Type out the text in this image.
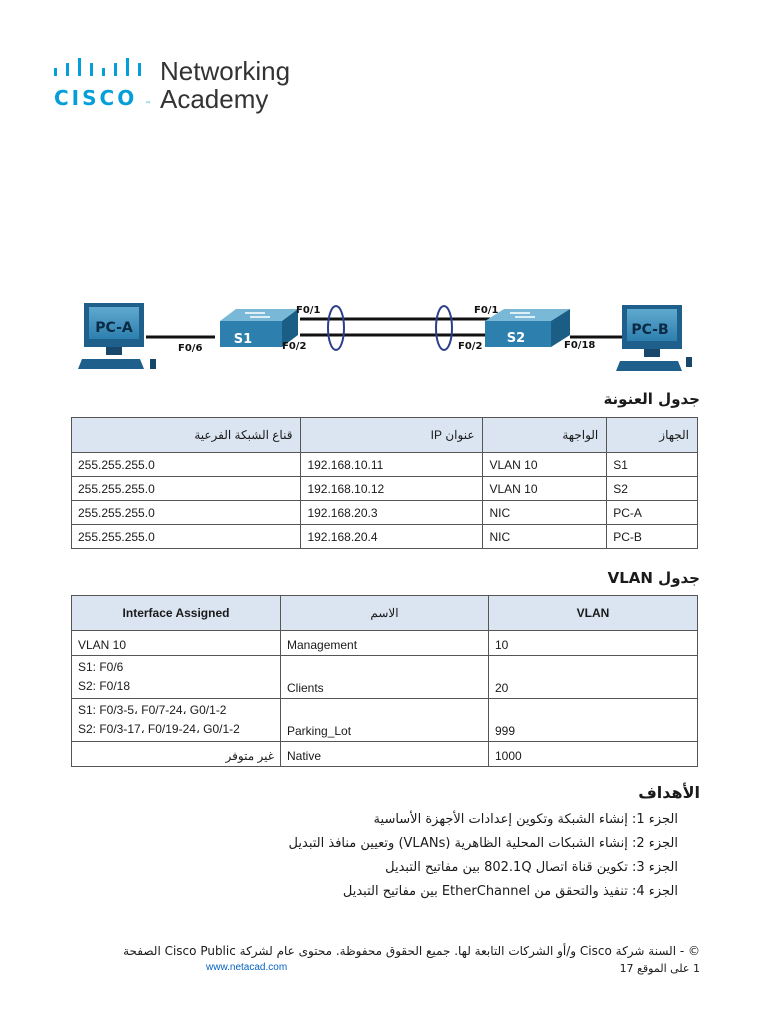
CISCO ™
Networking
Academy
PC-A
S1	S2
PC-B
F0/6
F0/1
F0/2
F0/1
F0/2	F0/18
جدول العنونة
قناع الشبكة الفرعية	عنوان IP	الواجهة	الجهاز
255.255.255.0	192.168.10.11	VLAN 10	S1
255.255.255.0	192.168.10.12	VLAN 10	S2
255.255.255.0	192.168.20.3	NIC	PC-A
255.255.255.0	192.168.20.4	NIC	PC-B
جدول VLAN
Interface Assigned	الاسم	VLAN

VLAN 10	Management	10

S1: F0/6
S2: F0/18	Clients	20

S1: F0/3-5، F0/7-24، G0/1-2
S2: F0/3-17، F0/19-24، G0/1-2	Parking_Lot	999
غير متوفر	Native	1000
الأهداف
الجزء 1: إنشاء الشبكة وتكوين إعدادات الأجهزة الأساسية
الجزء 2: إنشاء الشبكات المحلية الظاهرية (VLANs) وتعيين منافذ التبديل
الجزء 3: تكوين قناة اتصال 802.1Q بين مفاتيح التبديل
الجزء 4: تنفيذ والتحقق من EtherChannel بين مفاتيح التبديل
© - السنة شركة Cisco و/أو الشركات التابعة لها. جميع الحقوق محفوظة. محتوى عام لشركة Cisco Public الصفحة
www.netacad.com	1 على الموقع 17
